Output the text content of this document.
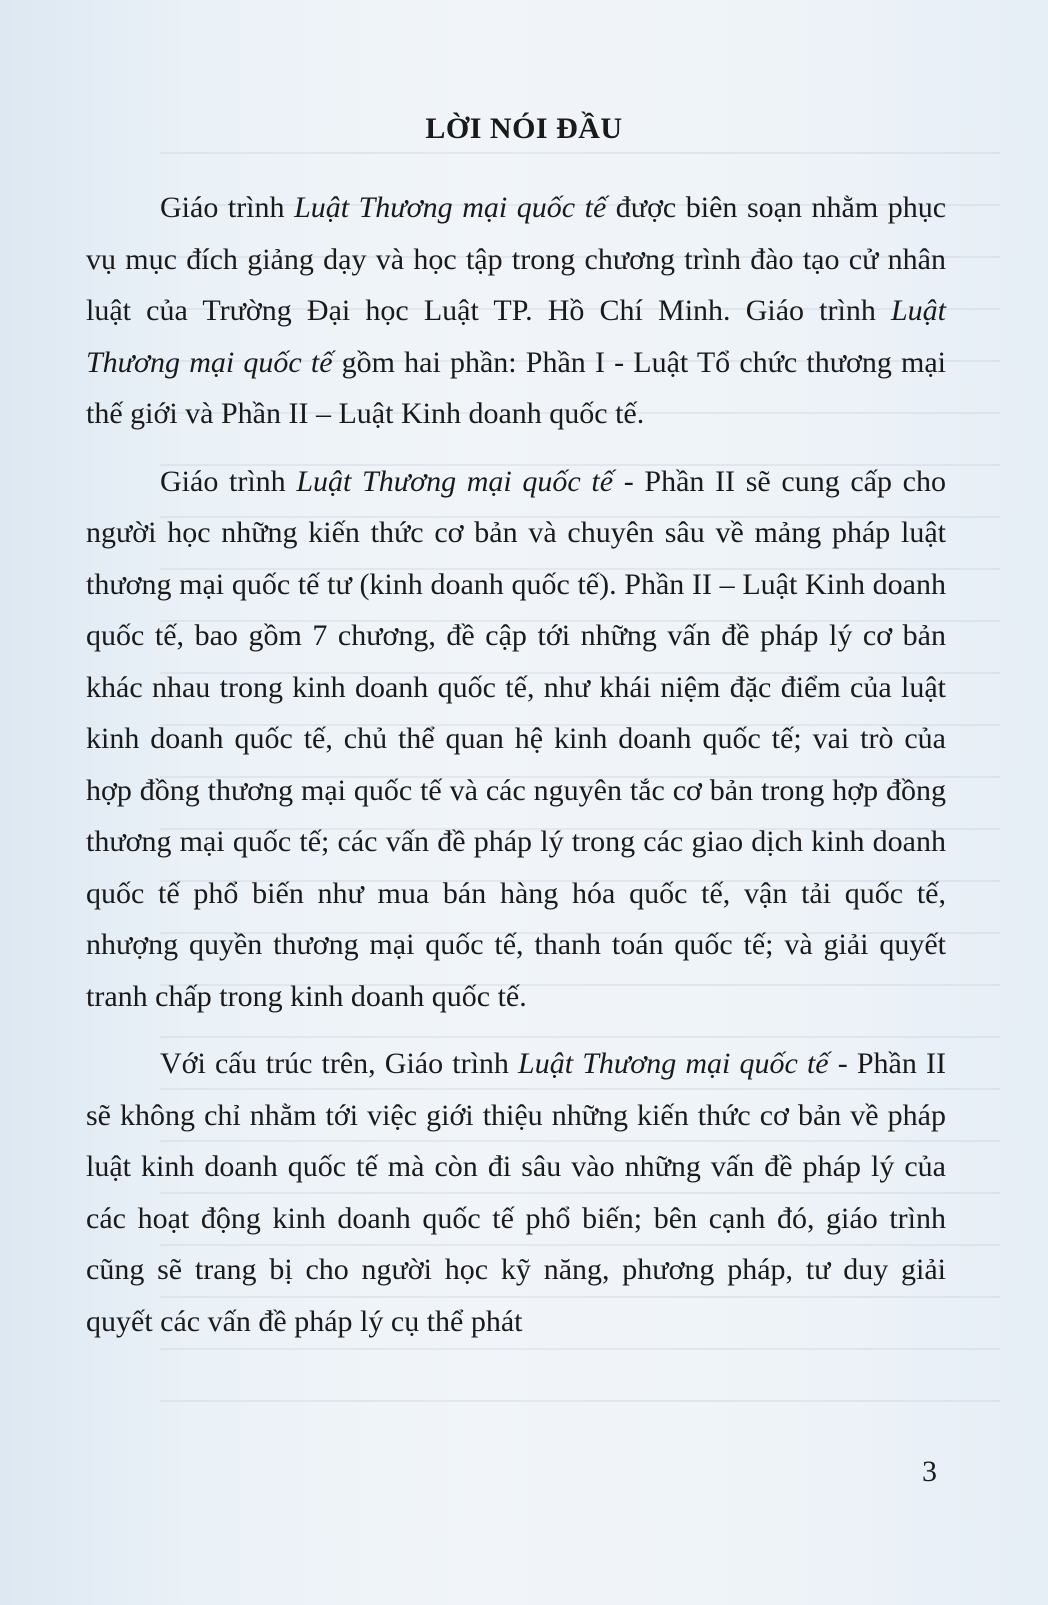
LỜI NÓI ĐẦU

Giáo trình Luật Thương mại quốc tế được biên soạn nhằm phục vụ mục đích giảng dạy và học tập trong chương trình đào tạo cử nhân luật của Trường Đại học Luật TP. Hồ Chí Minh. Giáo trình Luật Thương mại quốc tế gồm hai phần: Phần I - Luật Tổ chức thương mại thế giới và Phần II – Luật Kinh doanh quốc tế.

Giáo trình Luật Thương mại quốc tế - Phần II sẽ cung cấp cho người học những kiến thức cơ bản và chuyên sâu về mảng pháp luật thương mại quốc tế tư (kinh doanh quốc tế). Phần II – Luật Kinh doanh quốc tế, bao gồm 7 chương, đề cập tới những vấn đề pháp lý cơ bản khác nhau trong kinh doanh quốc tế, như khái niệm đặc điểm của luật kinh doanh quốc tế, chủ thể quan hệ kinh doanh quốc tế; vai trò của hợp đồng thương mại quốc tế và các nguyên tắc cơ bản trong hợp đồng thương mại quốc tế; các vấn đề pháp lý trong các giao dịch kinh doanh quốc tế phổ biến như mua bán hàng hóa quốc tế, vận tải quốc tế, nhượng quyền thương mại quốc tế, thanh toán quốc tế; và giải quyết tranh chấp trong kinh doanh quốc tế.

Với cấu trúc trên, Giáo trình Luật Thương mại quốc tế - Phần II sẽ không chỉ nhằm tới việc giới thiệu những kiến thức cơ bản về pháp luật kinh doanh quốc tế mà còn đi sâu vào những vấn đề pháp lý của các hoạt động kinh doanh quốc tế phổ biến; bên cạnh đó, giáo trình cũng sẽ trang bị cho người học kỹ năng, phương pháp, tư duy giải quyết các vấn đề pháp lý cụ thể phát

3
